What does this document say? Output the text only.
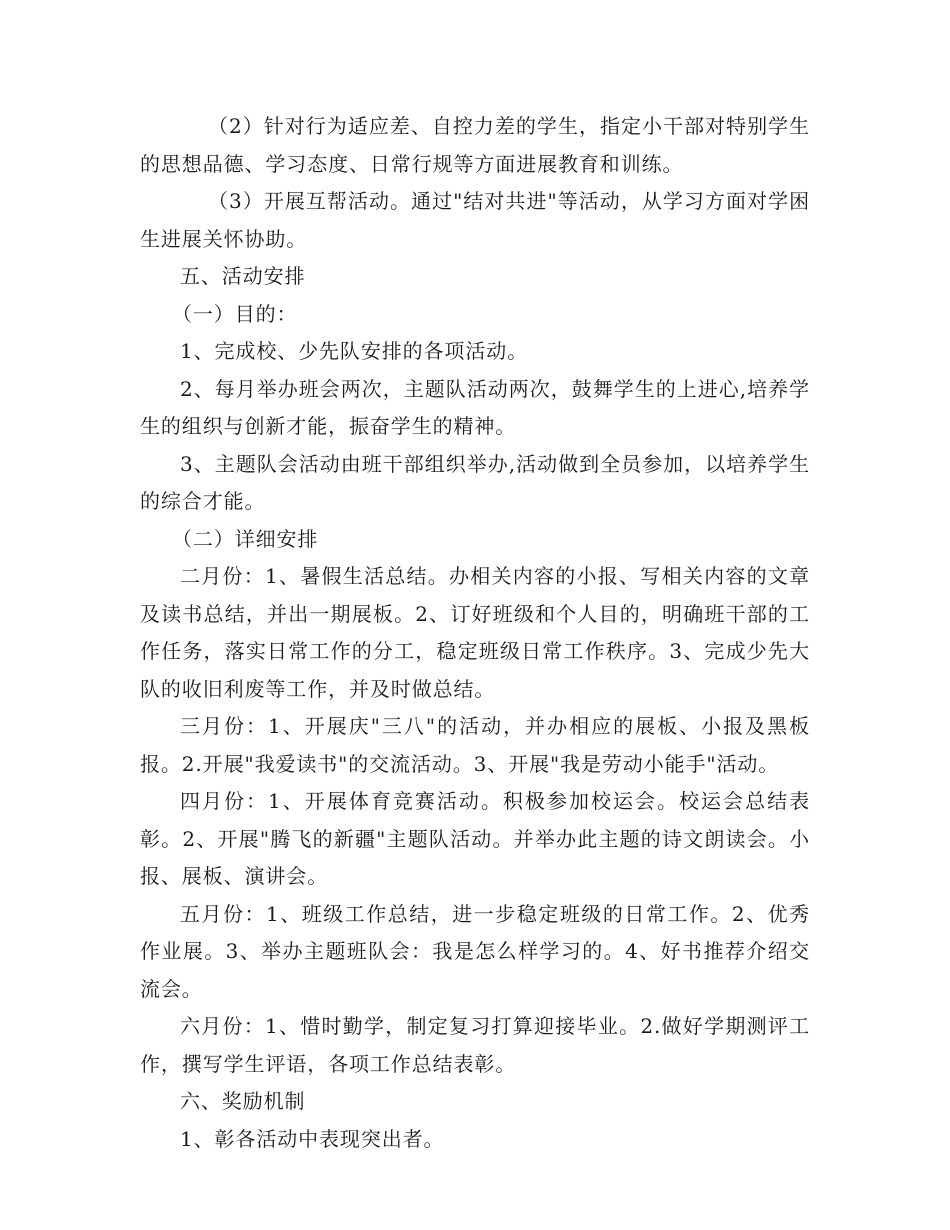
（2）针对行为适应差、自控力差的学生，指定小干部对特别学生的思想品德、学习态度、日常行规等方面进展教育和训练。

（3）开展互帮活动。通过"结对共进"等活动，从学习方面对学困生进展关怀协助。

五、活动安排

（一）目的：

1、完成校、少先队安排的各项活动。

2、每月举办班会两次，主题队活动两次，鼓舞学生的上进心,培养学生的组织与创新才能，振奋学生的精神。

3、主题队会活动由班干部组织举办,活动做到全员参加，以培养学生的综合才能。

（二）详细安排

二月份：1、暑假生活总结。办相关内容的小报、写相关内容的文章及读书总结，并出一期展板。2、订好班级和个人目的，明确班干部的工作任务，落实日常工作的分工，稳定班级日常工作秩序。3、完成少先大队的收旧利废等工作，并及时做总结。

三月份：1、开展庆"三八"的活动，并办相应的展板、小报及黑板报。2.开展"我爱读书"的交流活动。3、开展"我是劳动小能手"活动。

四月份：1、开展体育竞赛活动。积极参加校运会。校运会总结表彰。2、开展"腾飞的新疆"主题队活动。并举办此主题的诗文朗读会。小报、展板、演讲会。

五月份：1、班级工作总结，进一步稳定班级的日常工作。2、优秀作业展。3、举办主题班队会：我是怎么样学习的。4、好书推荐介绍交流会。

六月份：1、惜时勤学，制定复习打算迎接毕业。2.做好学期测评工作，撰写学生评语，各项工作总结表彰。

六、奖励机制

1、彰各活动中表现突出者。
